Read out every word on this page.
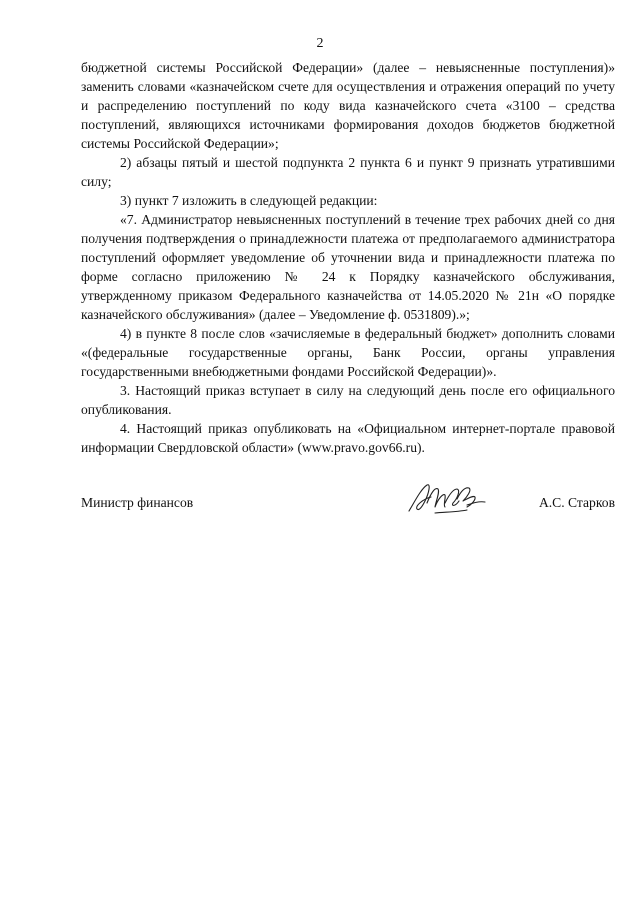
2

бюджетной системы Российской Федерации» (далее – невыясненные поступления)» заменить словами «казначейском счете для осуществления и отражения операций по учету и распределению поступлений по коду вида казначейского счета «3100 – средства поступлений, являющихся источниками формирования доходов бюджетов бюджетной системы Российской Федерации»;

2) абзацы пятый и шестой подпункта 2 пункта 6 и пункт 9 признать утратившими силу;

3) пункт 7 изложить в следующей редакции:

«7. Администратор невыясненных поступлений в течение трех рабочих дней со дня получения подтверждения о принадлежности платежа от предполагаемого администратора поступлений оформляет уведомление об уточнении вида и принадлежности платежа по форме согласно приложению № 24 к Порядку казначейского обслуживания, утвержденному приказом Федерального казначейства от 14.05.2020 № 21н «О порядке казначейского обслуживания» (далее – Уведомление ф. 0531809).»;

4) в пункте 8 после слов «зачисляемые в федеральный бюджет» дополнить словами «(федеральные государственные органы, Банк России, органы управления государственными внебюджетными фондами Российской Федерации)».

3. Настоящий приказ вступает в силу на следующий день после его официального опубликования.

4. Настоящий приказ опубликовать на «Официальном интернет-портале правовой информации Свердловской области» (www.pravo.gov66.ru).

Министр финансов	А.С. Старков
